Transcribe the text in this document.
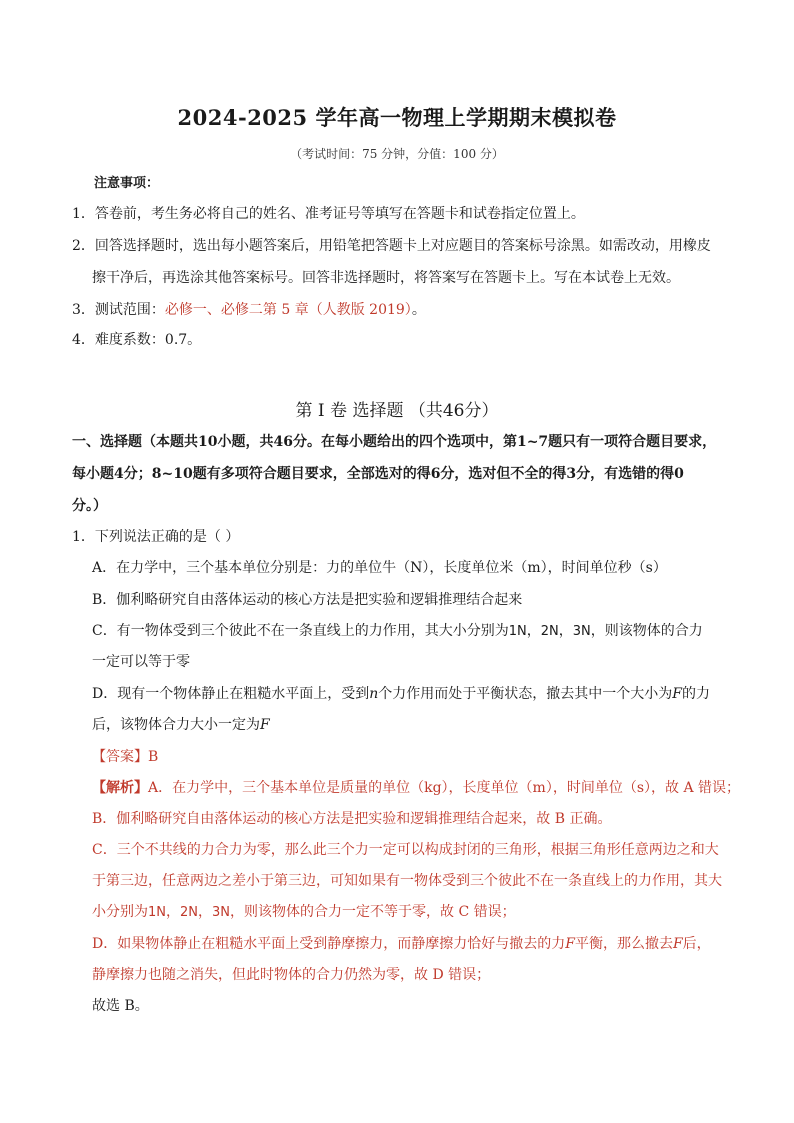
2024-2025 学年高一物理上学期期末模拟卷
（考试时间：75 分钟，分值：100 分）
注意事项：
1．答卷前，考生务必将自己的姓名、准考证号等填写在答题卡和试卷指定位置上。
2．回答选择题时，选出每小题答案后，用铅笔把答题卡上对应题目的答案标号涂黑。如需改动，用橡皮
擦干净后，再选涂其他答案标号。回答非选择题时，将答案写在答题卡上。写在本试卷上无效。
3．测试范围：必修一、必修二第 5 章（人教版 2019）。
4．难度系数：0.7。
第 Ⅰ 卷 选择题 （共46分）
一、选择题（本题共10小题，共46分。在每小题给出的四个选项中，第1~7题只有一项符合题目要求，
每小题4分；8~10题有多项符合题目要求，全部选对的得6分，选对但不全的得3分，有选错的得0
分。）
1．下列说法正确的是（ ）
A．在力学中，三个基本单位分别是：力的单位牛（N），长度单位米（m），时间单位秒（s）
B．伽利略研究自由落体运动的核心方法是把实验和逻辑推理结合起来
C．有一物体受到三个彼此不在一条直线上的力作用，其大小分别为1N，2N，3N，则该物体的合力
一定可以等于零
D．现有一个物体静止在粗糙水平面上，受到n个力作用而处于平衡状态，撤去其中一个大小为F的力
后，该物体合力大小一定为F
【答案】B
【解析】A．在力学中，三个基本单位是质量的单位（kg），长度单位（m），时间单位（s），故 A 错误；
B．伽利略研究自由落体运动的核心方法是把实验和逻辑推理结合起来，故 B 正确。
C．三个不共线的力合力为零，那么此三个力一定可以构成封闭的三角形，根据三角形任意两边之和大
于第三边，任意两边之差小于第三边，可知如果有一物体受到三个彼此不在一条直线上的力作用，其大
小分别为1N，2N，3N，则该物体的合力一定不等于零，故 C 错误；
D．如果物体静止在粗糙水平面上受到静摩擦力，而静摩擦力恰好与撤去的力F平衡，那么撤去F后，
静摩擦力也随之消失，但此时物体的合力仍然为零，故 D 错误；
故选 B。
